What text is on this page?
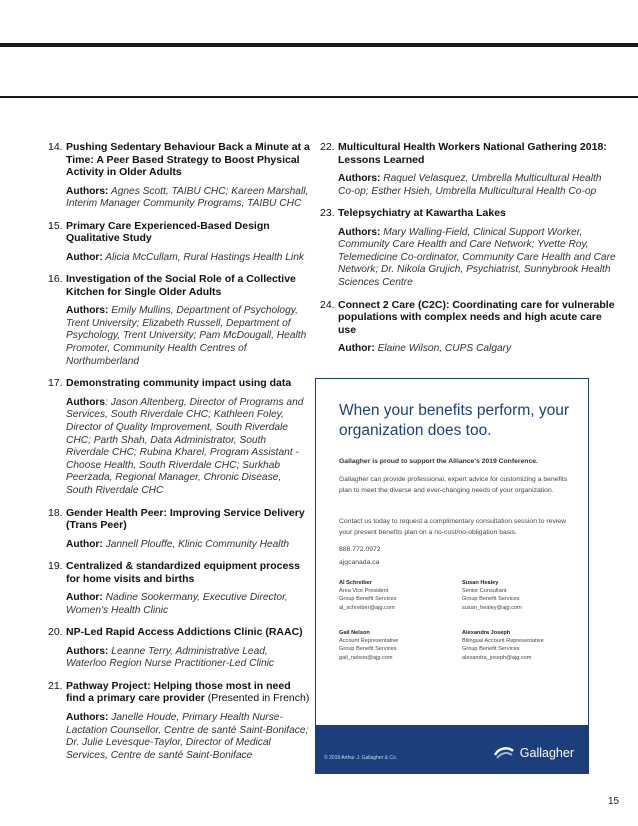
14. Pushing Sedentary Behaviour Back a Minute at a Time: A Peer Based Strategy to Boost Physical Activity in Older Adults

Authors: Agnes Scott, TAIBU CHC; Kareen Marshall, Interim Manager Community Programs, TAIBU CHC

15. Primary Care Experienced-Based Design Qualitative Study

Author: Alicia McCullam, Rural Hastings Health Link

16. Investigation of the Social Role of a Collective Kitchen for Single Older Adults

Authors: Emily Mullins, Department of Psychology, Trent University; Elizabeth Russell, Department of Psychology, Trent University; Pam McDougall, Health Promoter, Community Health Centres of Northumberland

17. Demonstrating community impact using data

Authors: Jason Altenberg, Director of Programs and Services, South Riverdale CHC; Kathleen Foley, Director of Quality Improvement, South Riverdale CHC; Parth Shah, Data Administrator, South Riverdale CHC; Rubina Kharel, Program Assistant - Choose Health, South Riverdale CHC; Surkhab Peerzada, Regional Manager, Chronic Disease, South Riverdale CHC

18. Gender Health Peer: Improving Service Delivery (Trans Peer)

Author: Jannell Plouffe, Klinic Community Health

19. Centralized & standardized equipment process for home visits and births

Author: Nadine Sookermany, Executive Director, Women's Health Clinic

20. NP-Led Rapid Access Addictions Clinic (RAAC)

Authors: Leanne Terry, Administrative Lead, Waterloo Region Nurse Practitioner-Led Clinic

21. Pathway Project: Helping those most in need find a primary care provider (Presented in French)

Authors: Janelle Houde, Primary Health Nurse-Lactation Counsellor, Centre de santé Saint-Boniface; Dr. Julie Levesque-Taylor, Director of Medical Services, Centre de santé Saint-Boniface

22. Multicultural Health Workers National Gathering 2018: Lessons Learned

Authors: Raquel Velasquez, Umbrella Multicultural Health Co-op; Esther Hsieh, Umbrella Multicultural Health Co-op

23. Telepsychiatry at Kawartha Lakes

Authors: Mary Walling-Field, Clinical Support Worker, Community Care Health and Care Network; Yvette Roy, Telemedicine Co-ordinator, Community Care Health and Care Network; Dr. Nikola Grujich, Psychiatrist, Sunnybrook Health Sciences Centre

24. Connect 2 Care (C2C): Coordinating care for vulnerable populations with complex needs and high acute care use

Author: Elaine Wilson, CUPS Calgary

When your benefits perform, your organization does too.
Gallagher is proud to support the Alliance's 2019 Conference.
Gallagher can provide professional, expert advice for customizing a benefits plan to meet the diverse and ever-changing needs of your organization.
Contact us today to request a complimentary consultation session to review your present benefits plan on a no-cost/no-obligation basis.
888.772.0972
ajgcanada.ca
Al Schreiber
Area Vice President
Group Benefit Services
al_schreiber@ajg.com
Susan Healey
Senior Consultant
Group Benefit Services
susan_healey@ajg.com
Gail Nelson
Account Representative
Group Benefit Services
gail_nelson@ajg.com
Alexandra Joseph
Bilingual Account Representative
Group Benefit Services
alexandra_joseph@ajg.com
© 2019 Arthur J. Gallagher & Co.	Gallagher
15
